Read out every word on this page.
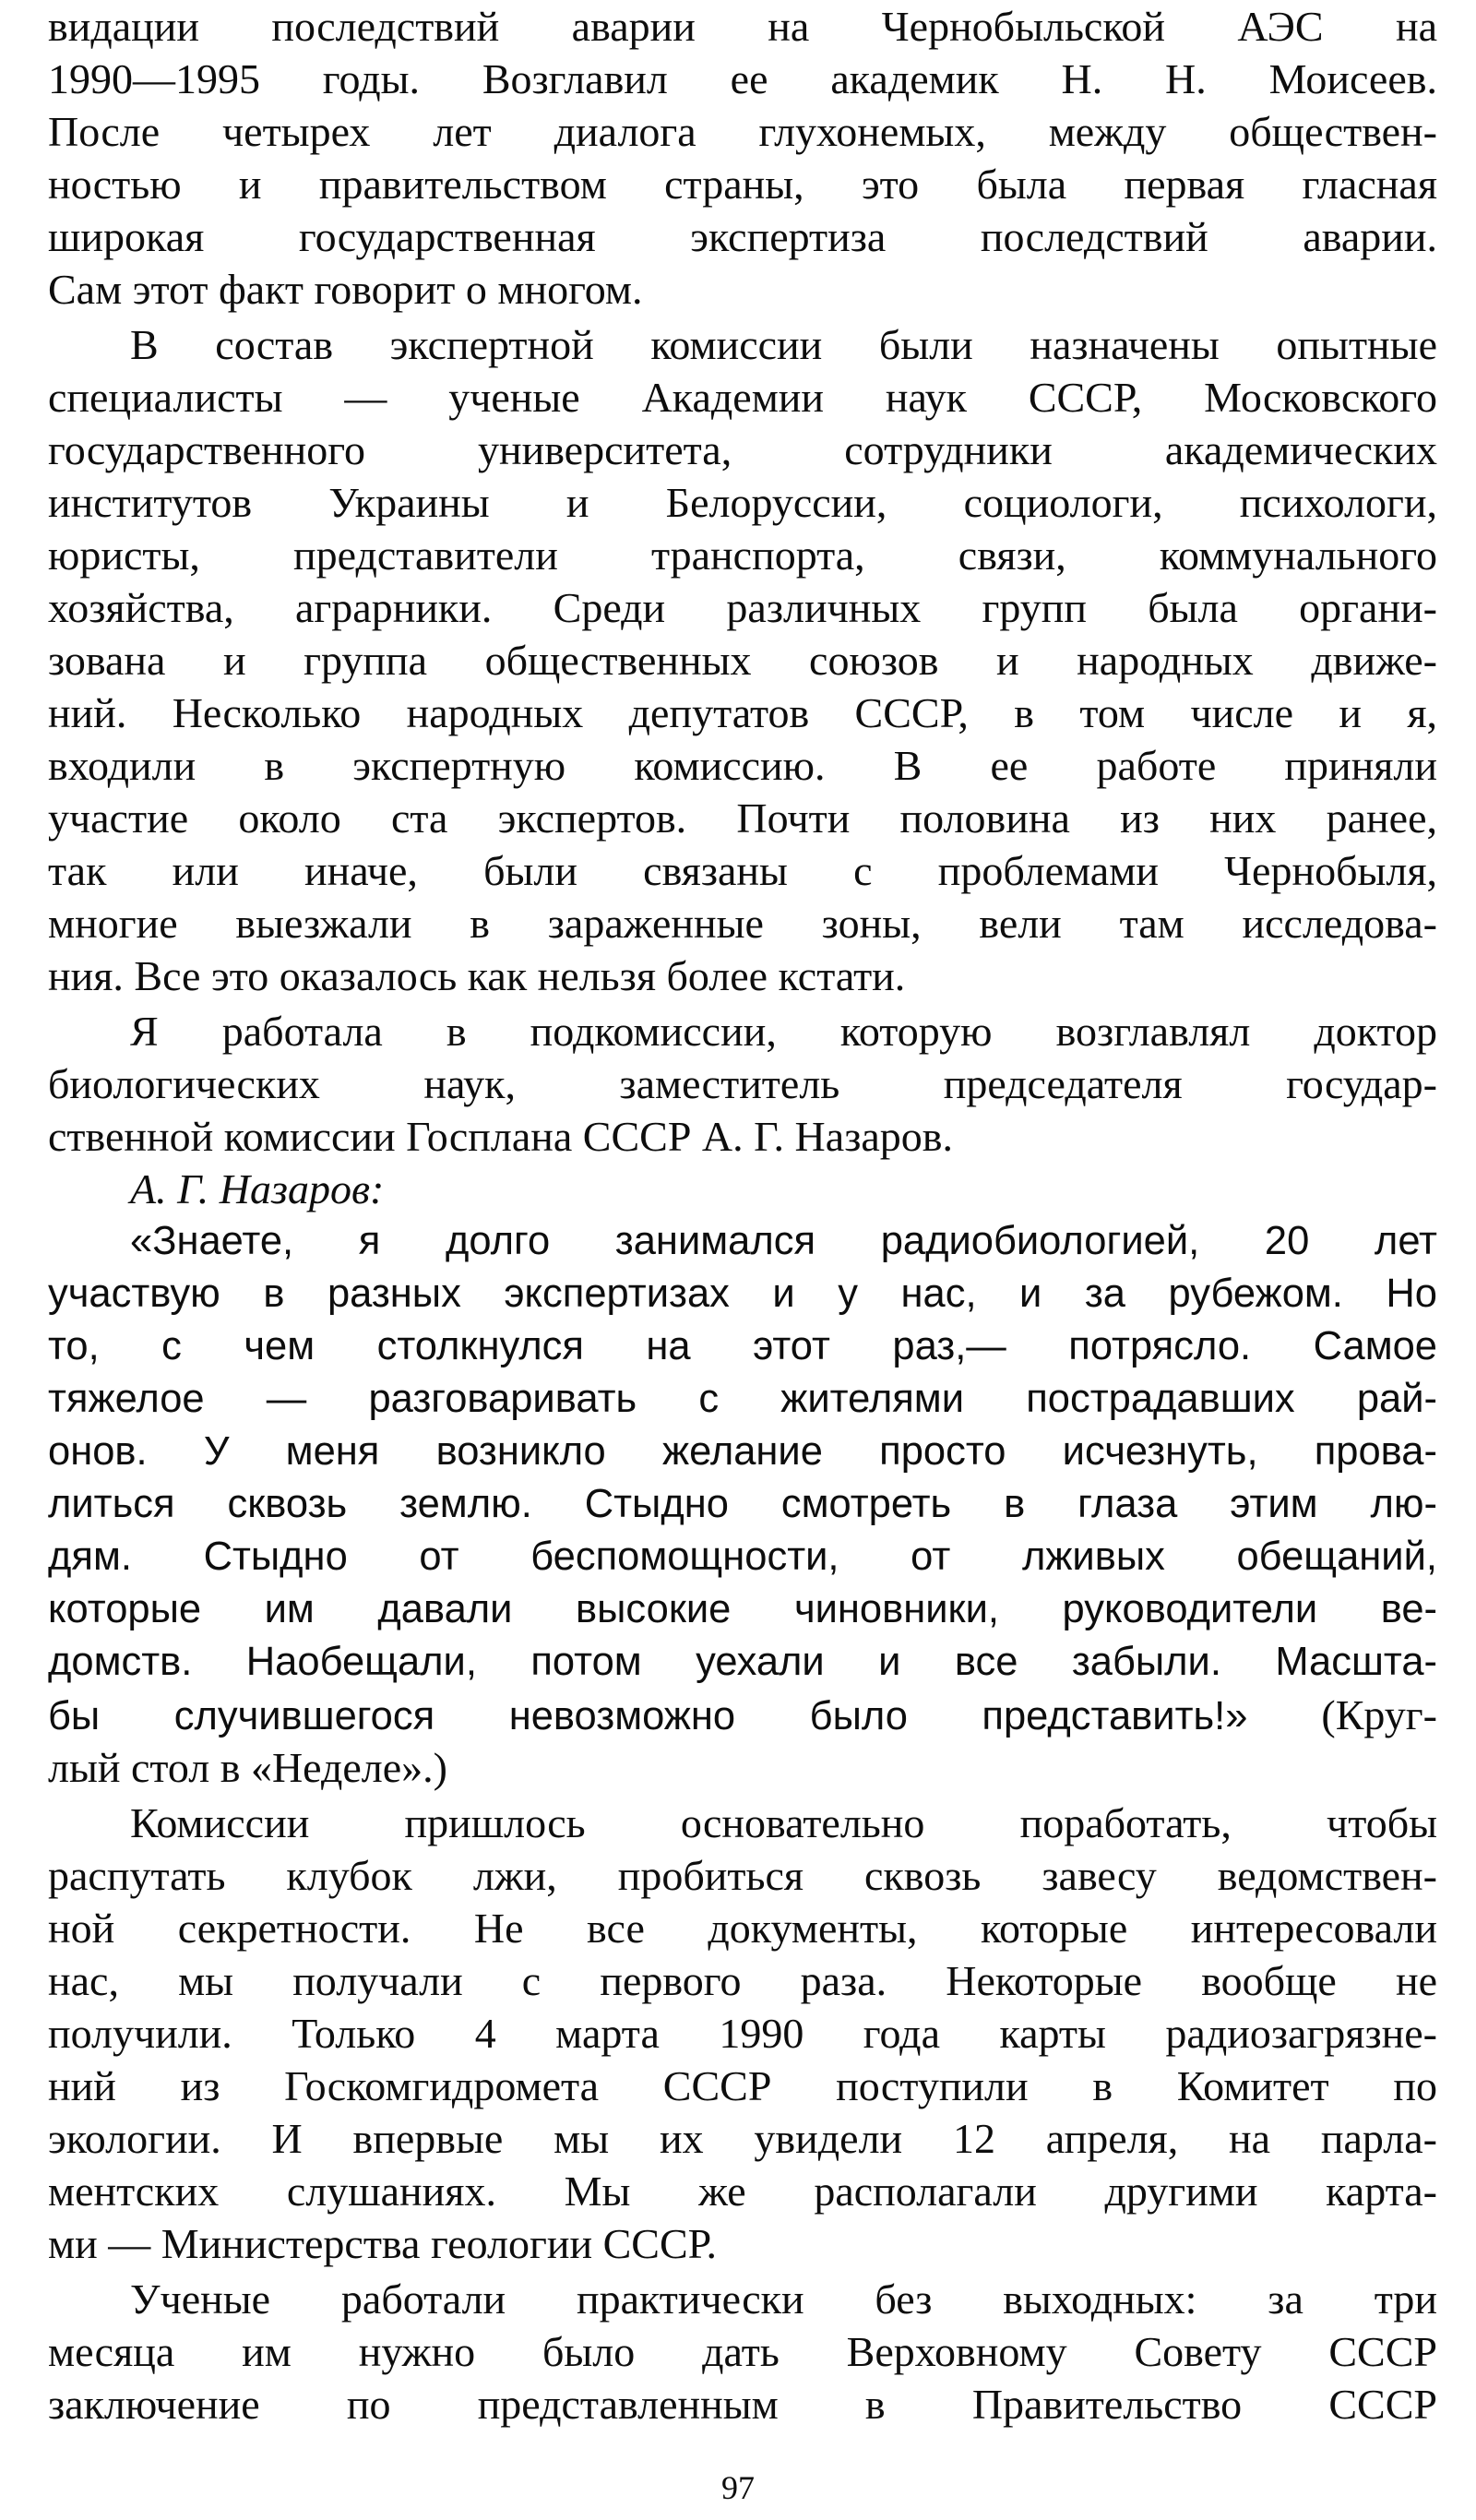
видации последствий аварии на Чернобыльской АЭС на
1990—1995 годы. Возглавил ее академик Н. Н. Моисеев.
После четырех лет диалога глухонемых, между обществен-
ностью и правительством страны, это была первая гласная
широкая государственная экспертиза последствий аварии.
Сам этот факт говорит о многом.
В состав экспертной комиссии были назначены опытные
специалисты — ученые Академии наук СССР, Московского
государственного университета, сотрудники академических
институтов Украины и Белоруссии, социологи, психологи,
юристы, представители транспорта, связи, коммунального
хозяйства, аграрники. Среди различных групп была органи-
зована и группа общественных союзов и народных движе-
ний. Несколько народных депутатов СССР, в том числе и я,
входили в экспертную комиссию. В ее работе приняли
участие около ста экспертов. Почти половина из них ранее,
так или иначе, были связаны с проблемами Чернобыля,
многие выезжали в зараженные зоны, вели там исследова-
ния. Все это оказалось как нельзя более кстати.
Я работала в подкомиссии, которую возглавлял доктор
биологических наук, заместитель председателя государ-
ственной комиссии Госплана СССР А. Г. Назаров.
А. Г. Назаров:
«Знаете, я долго занимался радиобиологией, 20 лет
участвую в разных экспертизах и у нас, и за рубежом. Но
то, с чем столкнулся на этот раз,— потрясло. Самое
тяжелое — разговаривать с жителями пострадавших рай-
онов. У меня возникло желание просто исчезнуть, прова-
литься сквозь землю. Стыдно смотреть в глаза этим лю-
дям. Стыдно от беспомощности, от лживых обещаний,
которые им давали высокие чиновники, руководители ве-
домств. Наобещали, потом уехали и все забыли. Масшта-
бы случившегося невозможно было представить!» (Круг-
лый стол в «Неделе».)
Комиссии пришлось основательно поработать, чтобы
распутать клубок лжи, пробиться сквозь завесу ведомствен-
ной секретности. Не все документы, которые интересовали
нас, мы получали с первого раза. Некоторые вообще не
получили. Только 4 марта 1990 года карты радиозагрязне-
ний из Госкомгидромета СССР поступили в Комитет по
экологии. И впервые мы их увидели 12 апреля, на парла-
ментских слушаниях. Мы же располагали другими карта-
ми — Министерства геологии СССР.
Ученые работали практически без выходных: за три
месяца им нужно было дать Верховному Совету СССР
заключение по представленным в Правительство СССР
97
